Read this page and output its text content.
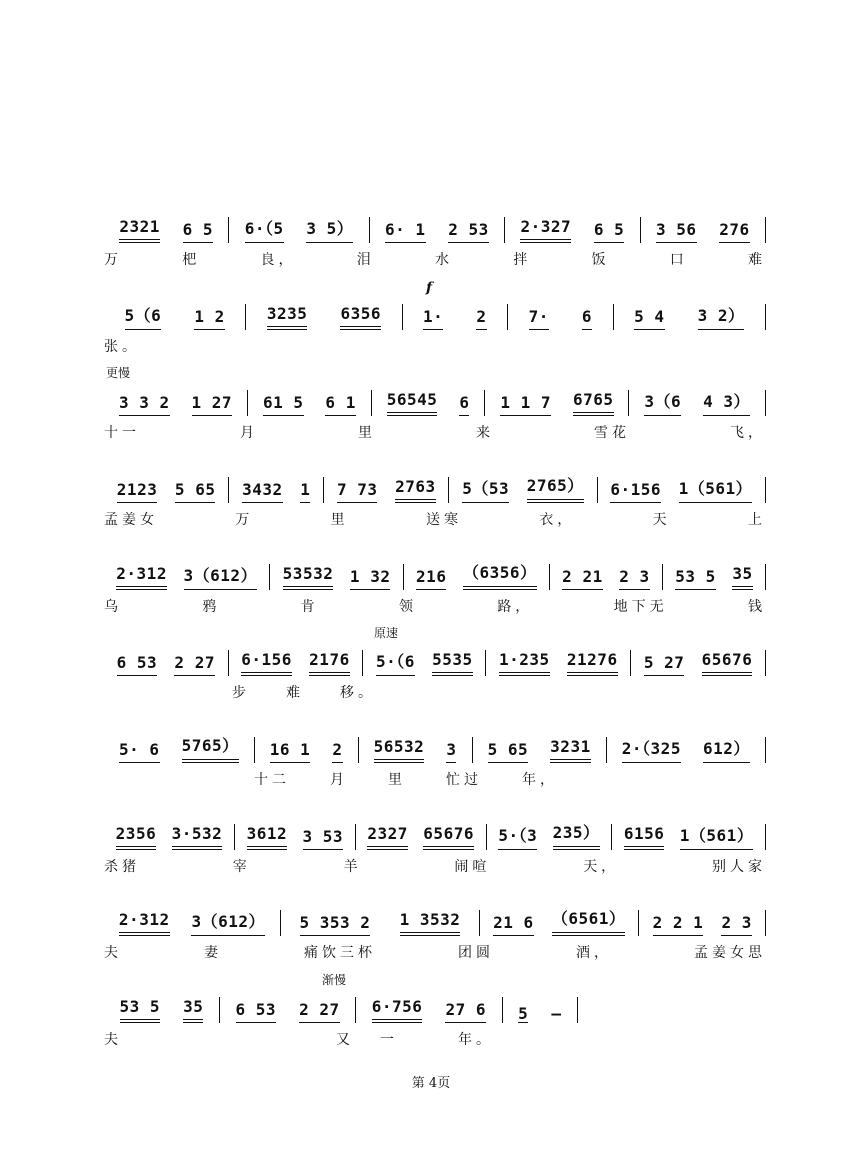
2321 6 5 6·（5 3 5） 6· 1 2 53 2·327 6 5 3 56 276
万	杷	良，	泪	水	拌	饭	口	难
f
5（6 1 2	3235 6356	1· 2	7· 6	5 4 3 2）
张。
更慢
3 3 2 1 27 61 5 6 1 56545 6 1 1 7 6765 3（6 4 3）
十一	月	里	来	雪花	飞，
2123 5 65 3432 1 7 73 2763 5（53 2765） 6·156 1（561）
孟姜女	万	里	送寒	衣，	天	上
2·312 3（612） 53532 1 32 216 （6356） 2 21 2 3 53 5 35
乌	鸦	肯	领	路，	地下无	钱
原速
6 53 2 27 6·156 2176 5·（6 5535 1·235 21276 5 27 65676
步	难	移。
5· 6 5765） 16 1 2 56532 3 5 65 3231 2·（325 612）
十二	月	里	忙过	年，
2356 3·532 3612 3 53 2327 65676 5·（3 235） 6156 1（561）
杀猪	宰	羊	闹喧	天，	别人家
2·312 3（612） 5 353 2 1 3532 21 6 （6561） 2 2 1 2 3
夫	妻	痛饮三杯	团圆	酒，	孟姜女思
渐慢
53 5 35 6 53 2 27 6·756 27 6 5 —
夫	又	一	年。
第 4页
